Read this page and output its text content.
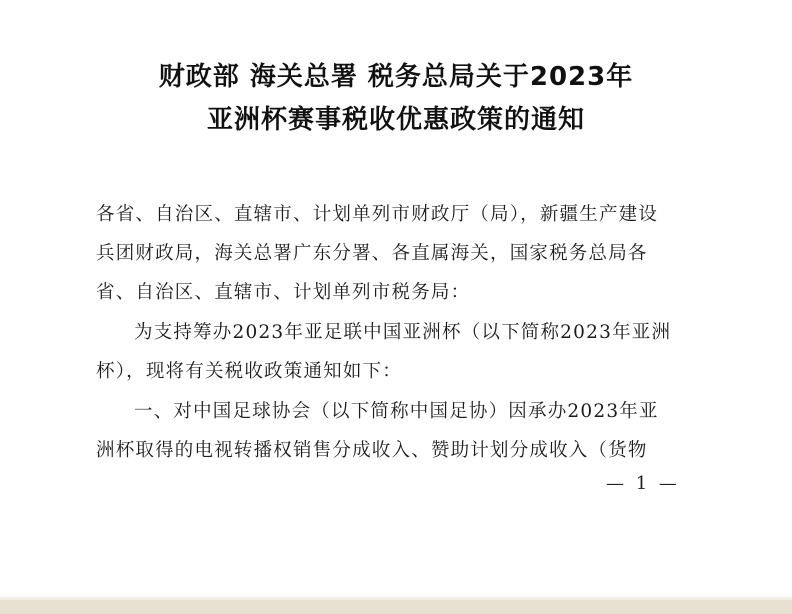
财政部 海关总署 税务总局关于2023年
亚洲杯赛事税收优惠政策的通知
各省、自治区、直辖市、计划单列市财政厅（局），新疆生产建设
兵团财政局，海关总署广东分署、各直属海关，国家税务总局各
省、自治区、直辖市、计划单列市税务局：
为支持筹办2023年亚足联中国亚洲杯（以下简称2023年亚洲
杯），现将有关税收政策通知如下：
一、对中国足球协会（以下简称中国足协）因承办2023年亚
洲杯取得的电视转播权销售分成收入、赞助计划分成收入（货物
— 1 —
